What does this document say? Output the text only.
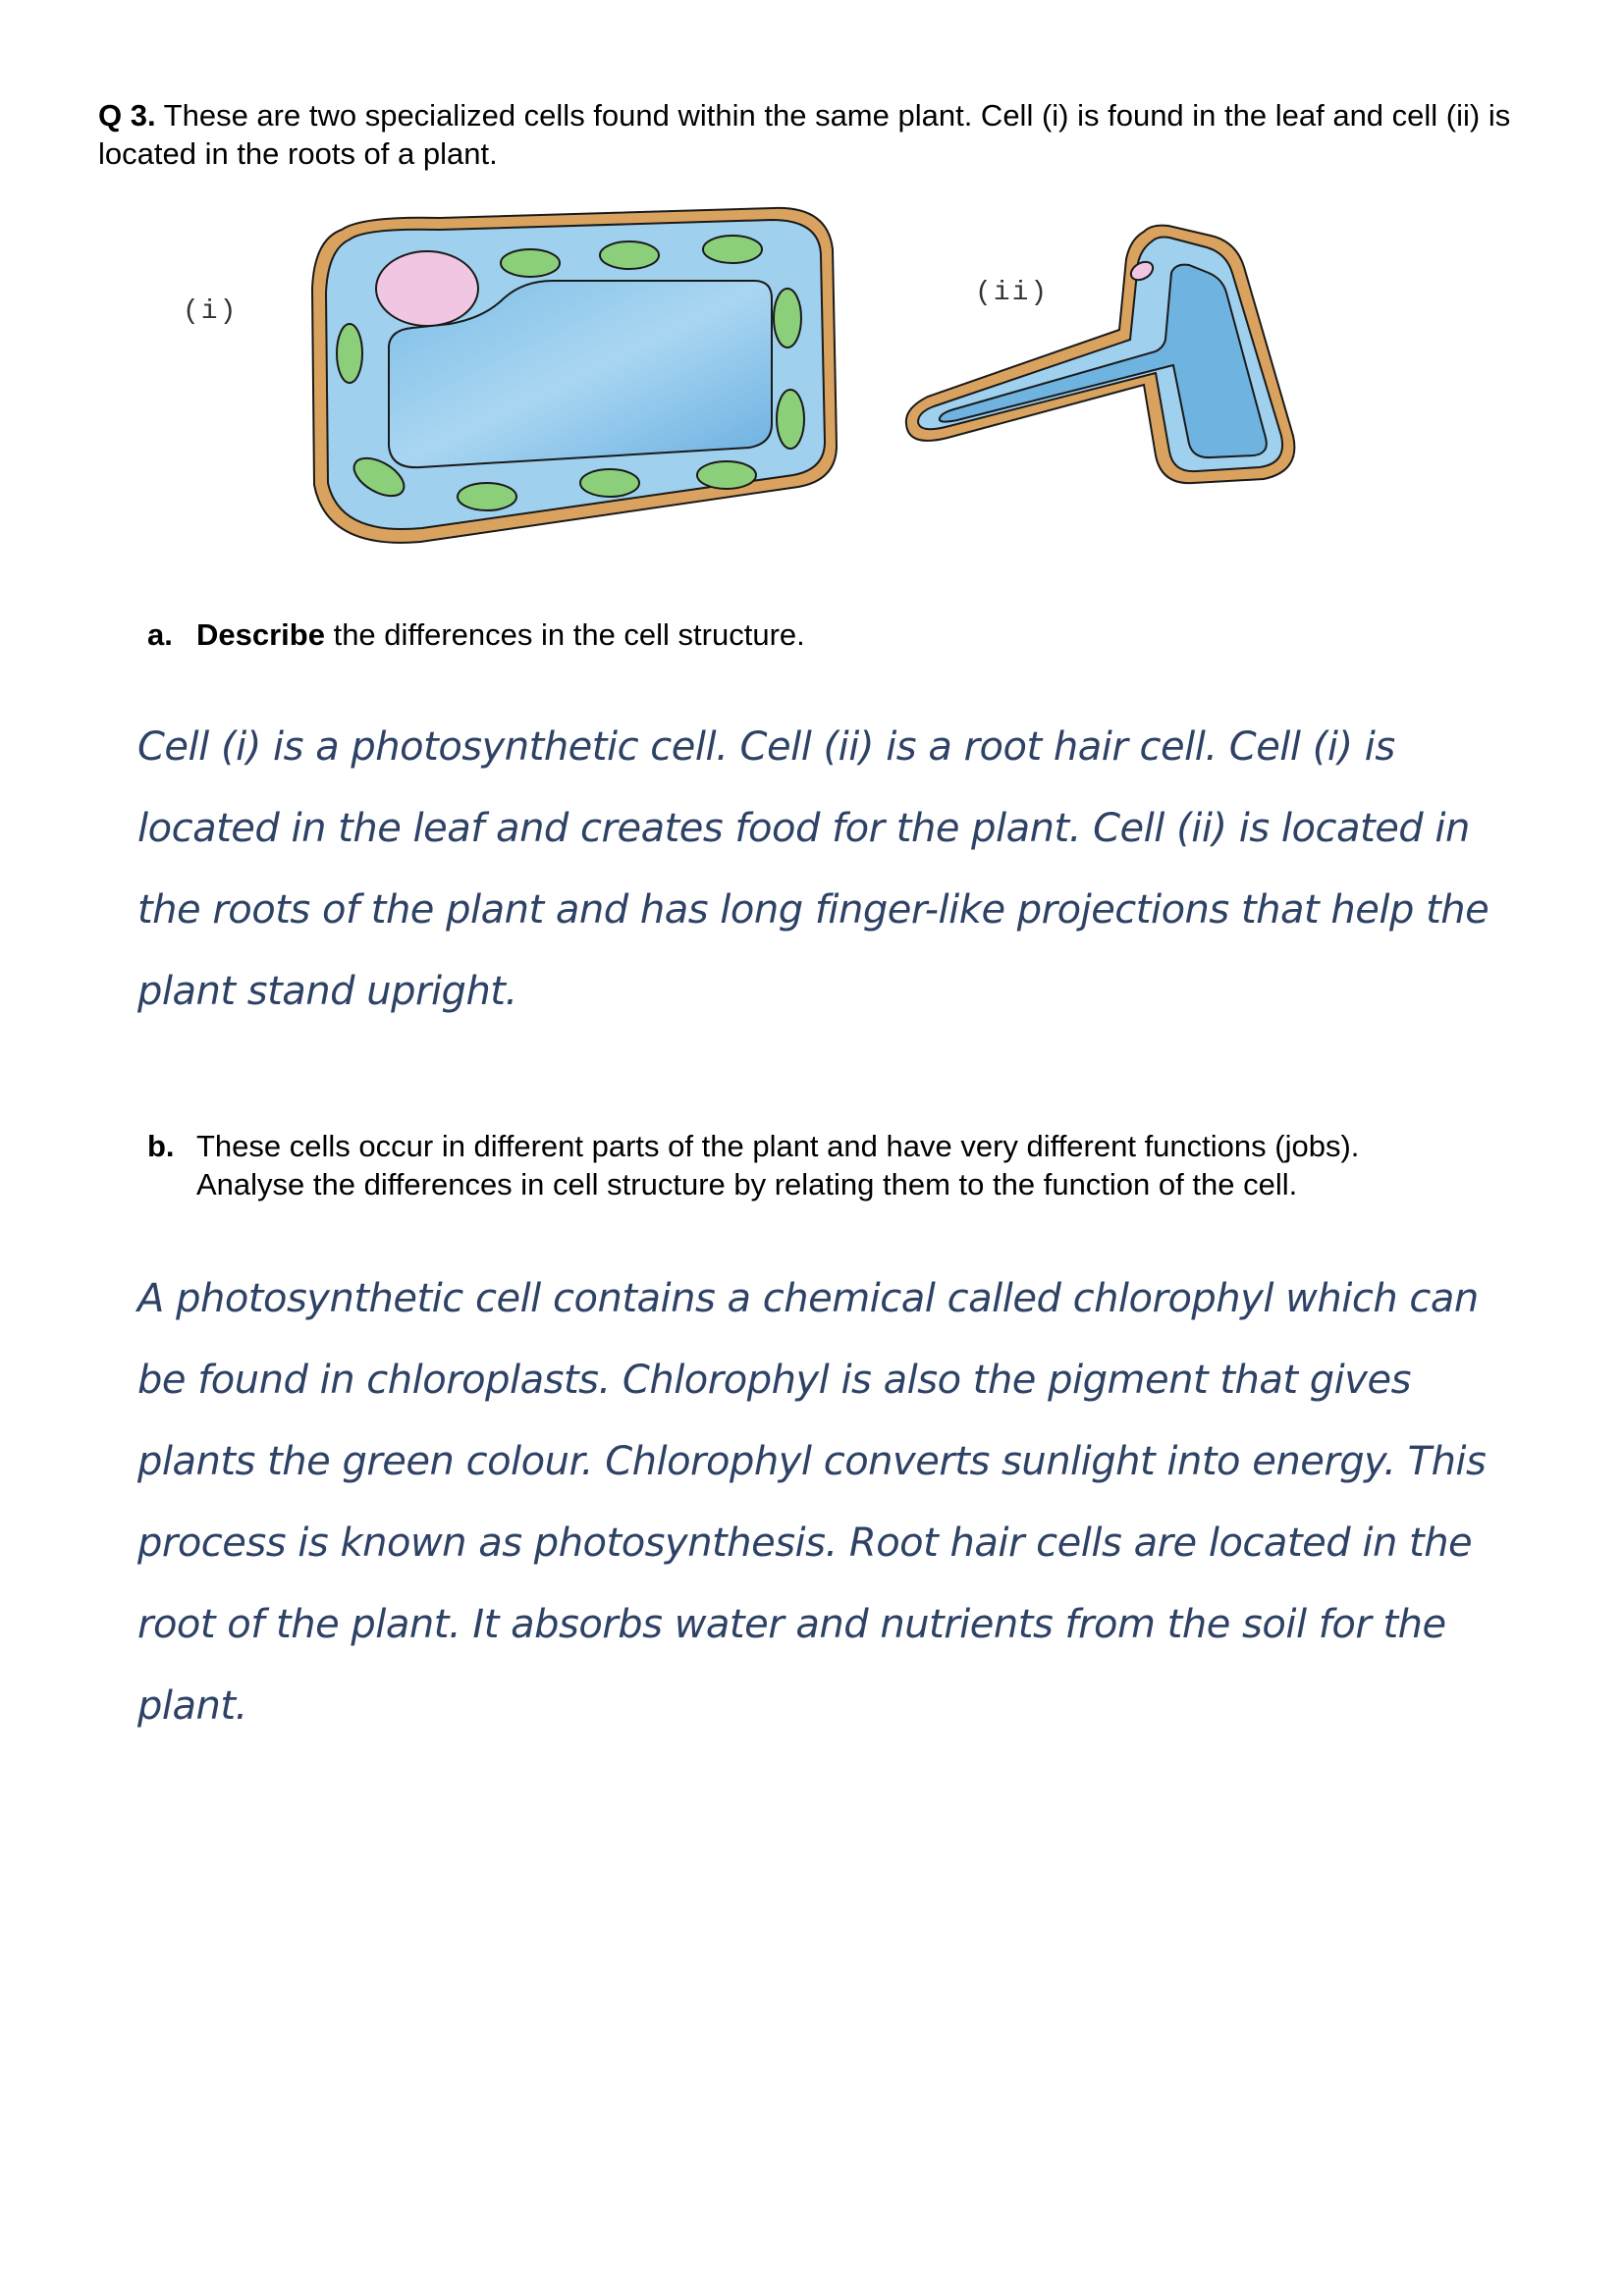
Q 3. These are two specialized cells found within the same plant. Cell (i) is found in the leaf and cell (ii) is located in the roots of a plant.
(i)
(ii)
a. Describe the differences in the cell structure.
Cell (i) is a photosynthetic cell. Cell (ii) is a root hair cell. Cell (i) is located in the leaf and creates food for the plant. Cell (ii) is located in the roots of the plant and has long finger-like projections that help the plant stand upright.
b. These cells occur in different parts of the plant and have very different functions (jobs).
Analyse the differences in cell structure by relating them to the function of the cell.
A photosynthetic cell contains a chemical called chlorophyl which can be found in chloroplasts. Chlorophyl is also the pigment that gives plants the green colour. Chlorophyl converts sunlight into energy. This process is known as photosynthesis. Root hair cells are located in the root of the plant. It absorbs water and nutrients from the soil for the plant.
